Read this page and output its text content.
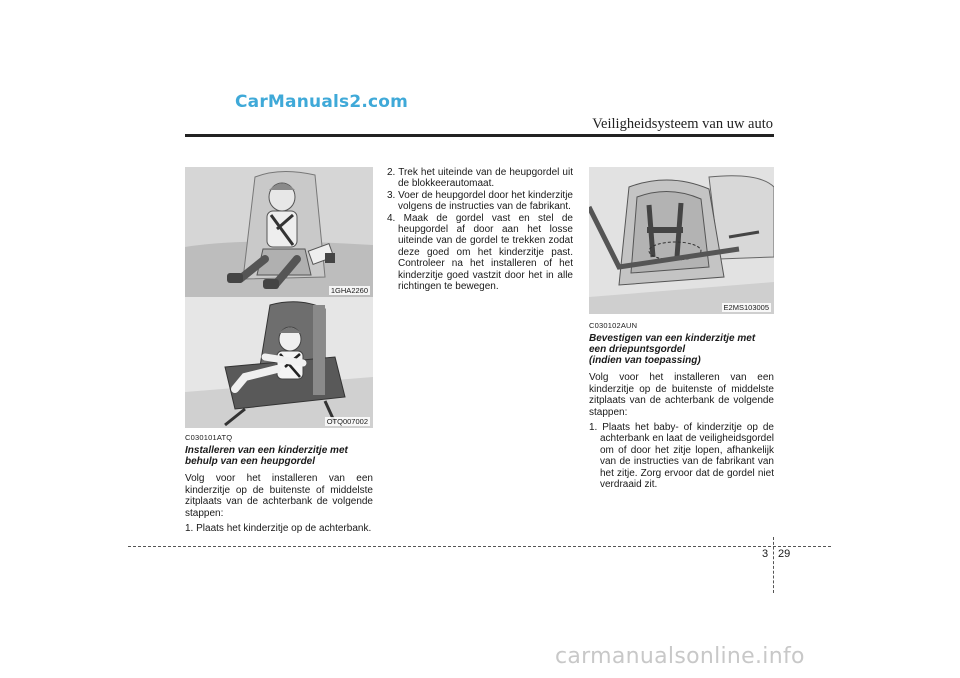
CarManuals2.com
Veiligheidsysteem van uw auto
1GHA2260
OTQ007002
E2MS103005
C030101ATQ
Installeren van een kinderzitje met
behulp van een heupgordel

Volg voor het installeren van een kinderzitje op de buitenste of middelste zitplaats van de achterbank de volgende stappen:

1. Plaats het kinderzitje op de achterbank.
2. Trek het uiteinde van de heupgordel uit de blokkeerautomaat.
3. Voer de heupgordel door het kinderzitje volgens de instructies van de fabrikant.
4. Maak de gordel vast en stel de heupgordel af door aan het losse uiteinde van de gordel te trekken zodat deze goed om het kinderzitje past. Controleer na het installeren of het kinderzitje goed vastzit door het in alle richtingen te bewegen.
C030102AUN
Bevestigen van een kinderzitje met
een driepuntsgordel
(indien van toepassing)

Volg voor het installeren van een kinderzitje op de buitenste of middelste zitplaats van de achterbank de volgende stappen:

1. Plaats het baby- of kinderzitje op de achterbank en laat de veiligheidsgordel om of door het zitje lopen, afhankelijk van de instructies van de fabrikant van het zitje. Zorg ervoor dat de gordel niet verdraaid zit.
3 29
carmanualsonline.info
